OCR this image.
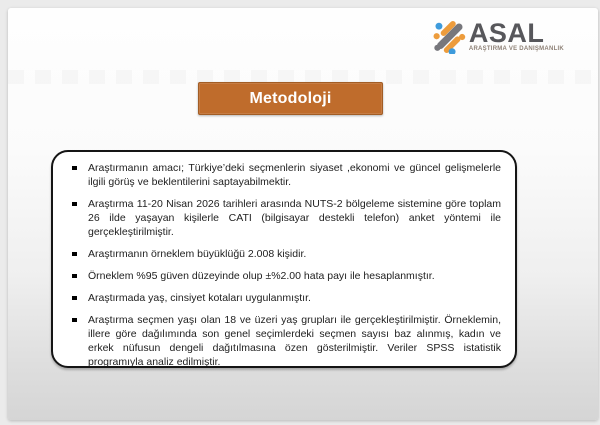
ASAL
ARAŞTIRMA VE DANIŞMANLIK
Metodoloji
Araştırmanın amacı; Türkiye’deki seçmenlerin siyaset ,ekonomi ve güncel gelişmelerle ilgili görüş ve beklentilerini saptayabilmektir.
Araştırma 11-20 Nisan 2026 tarihleri arasında NUTS-2 bölgeleme sistemine göre toplam 26 ilde yaşayan kişilerle CATI (bilgisayar destekli telefon) anket yöntemi ile gerçekleştirilmiştir.
Araştırmanın örneklem büyüklüğü 2.008 kişidir.
Örneklem %95 güven düzeyinde olup ±%2.00 hata payı ile hesaplanmıştır.
Araştırmada yaş, cinsiyet kotaları uygulanmıştır.
Araştırma seçmen yaşı olan 18 ve üzeri yaş grupları ile gerçekleştirilmiştir. Örneklemin, illere göre dağılımında son genel seçimlerdeki seçmen sayısı baz alınmış, kadın ve erkek nüfusun dengeli dağıtılmasına özen gösterilmiştir. Veriler SPSS istatistik programıyla analiz edilmiştir.
